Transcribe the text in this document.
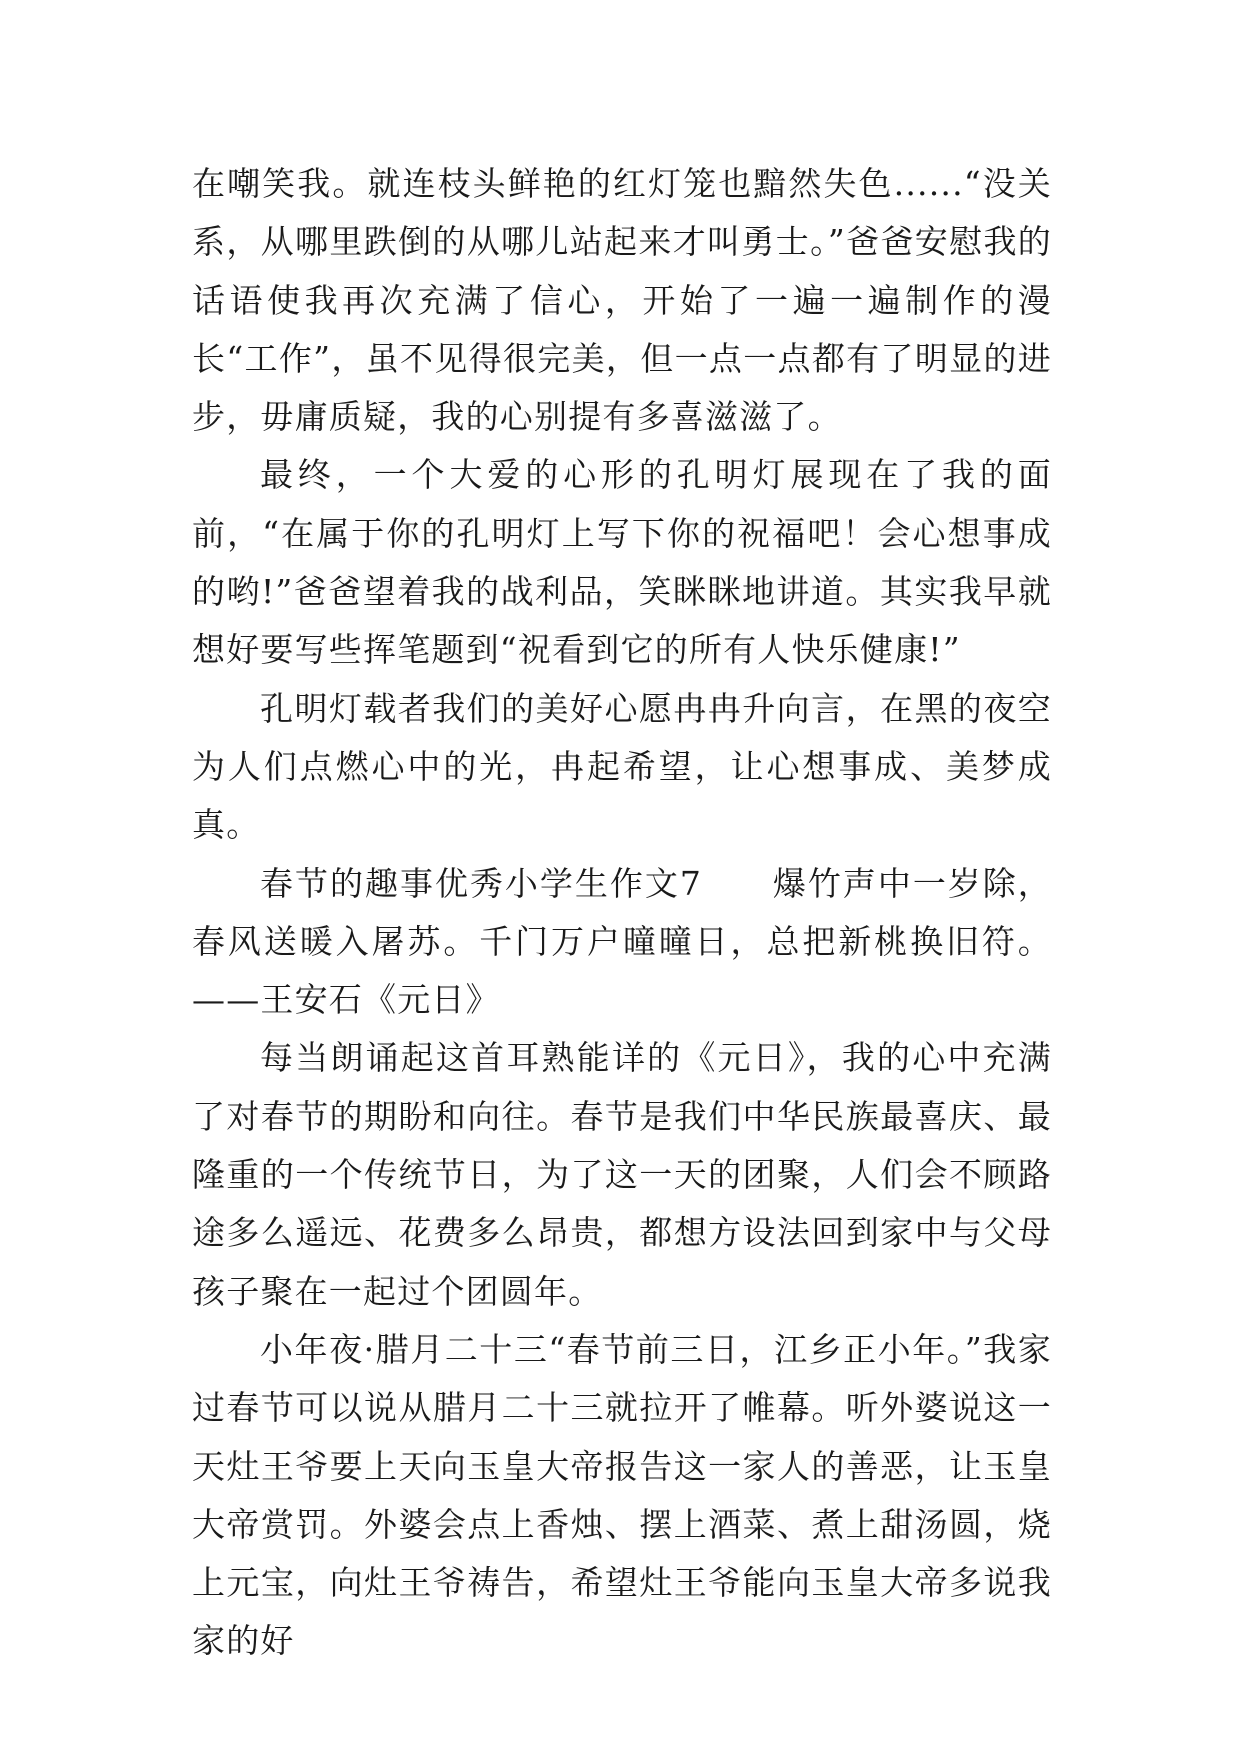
在嘲笑我。就连枝头鲜艳的红灯笼也黯然失色......“没关系，从哪里跌倒的从哪儿站起来才叫勇士。”爸爸安慰我的话语使我再次充满了信心，开始了一遍一遍制作的漫长“工作”，虽不见得很完美，但一点一点都有了明显的进步，毋庸质疑，我的心别提有多喜滋滋了。

最终，一个大爱的心形的孔明灯展现在了我的面前，“在属于你的孔明灯上写下你的祝福吧！会心想事成的哟!”爸爸望着我的战利品，笑眯眯地讲道。其实我早就想好要写些挥笔题到“祝看到它的所有人快乐健康!”

孔明灯载者我们的美好心愿冉冉升向言，在黑的夜空为人们点燃心中的光，冉起希望，让心想事成、美梦成真。

春节的趣事优秀小学生作文7　　爆竹声中一岁除，春风送暖入屠苏。千门万户曈曈日，总把新桃换旧符。——王安石《元日》

每当朗诵起这首耳熟能详的《元日》，我的心中充满了对春节的期盼和向往。春节是我们中华民族最喜庆、最隆重的一个传统节日，为了这一天的团聚，人们会不顾路途多么遥远、花费多么昂贵，都想方设法回到家中与父母孩子聚在一起过个团圆年。

小年夜·腊月二十三“春节前三日，江乡正小年。”我家过春节可以说从腊月二十三就拉开了帷幕。听外婆说这一天灶王爷要上天向玉皇大帝报告这一家人的善恶，让玉皇大帝赏罚。外婆会点上香烛、摆上酒菜、煮上甜汤圆，烧上元宝，向灶王爷祷告，希望灶王爷能向玉皇大帝多说我家的好
